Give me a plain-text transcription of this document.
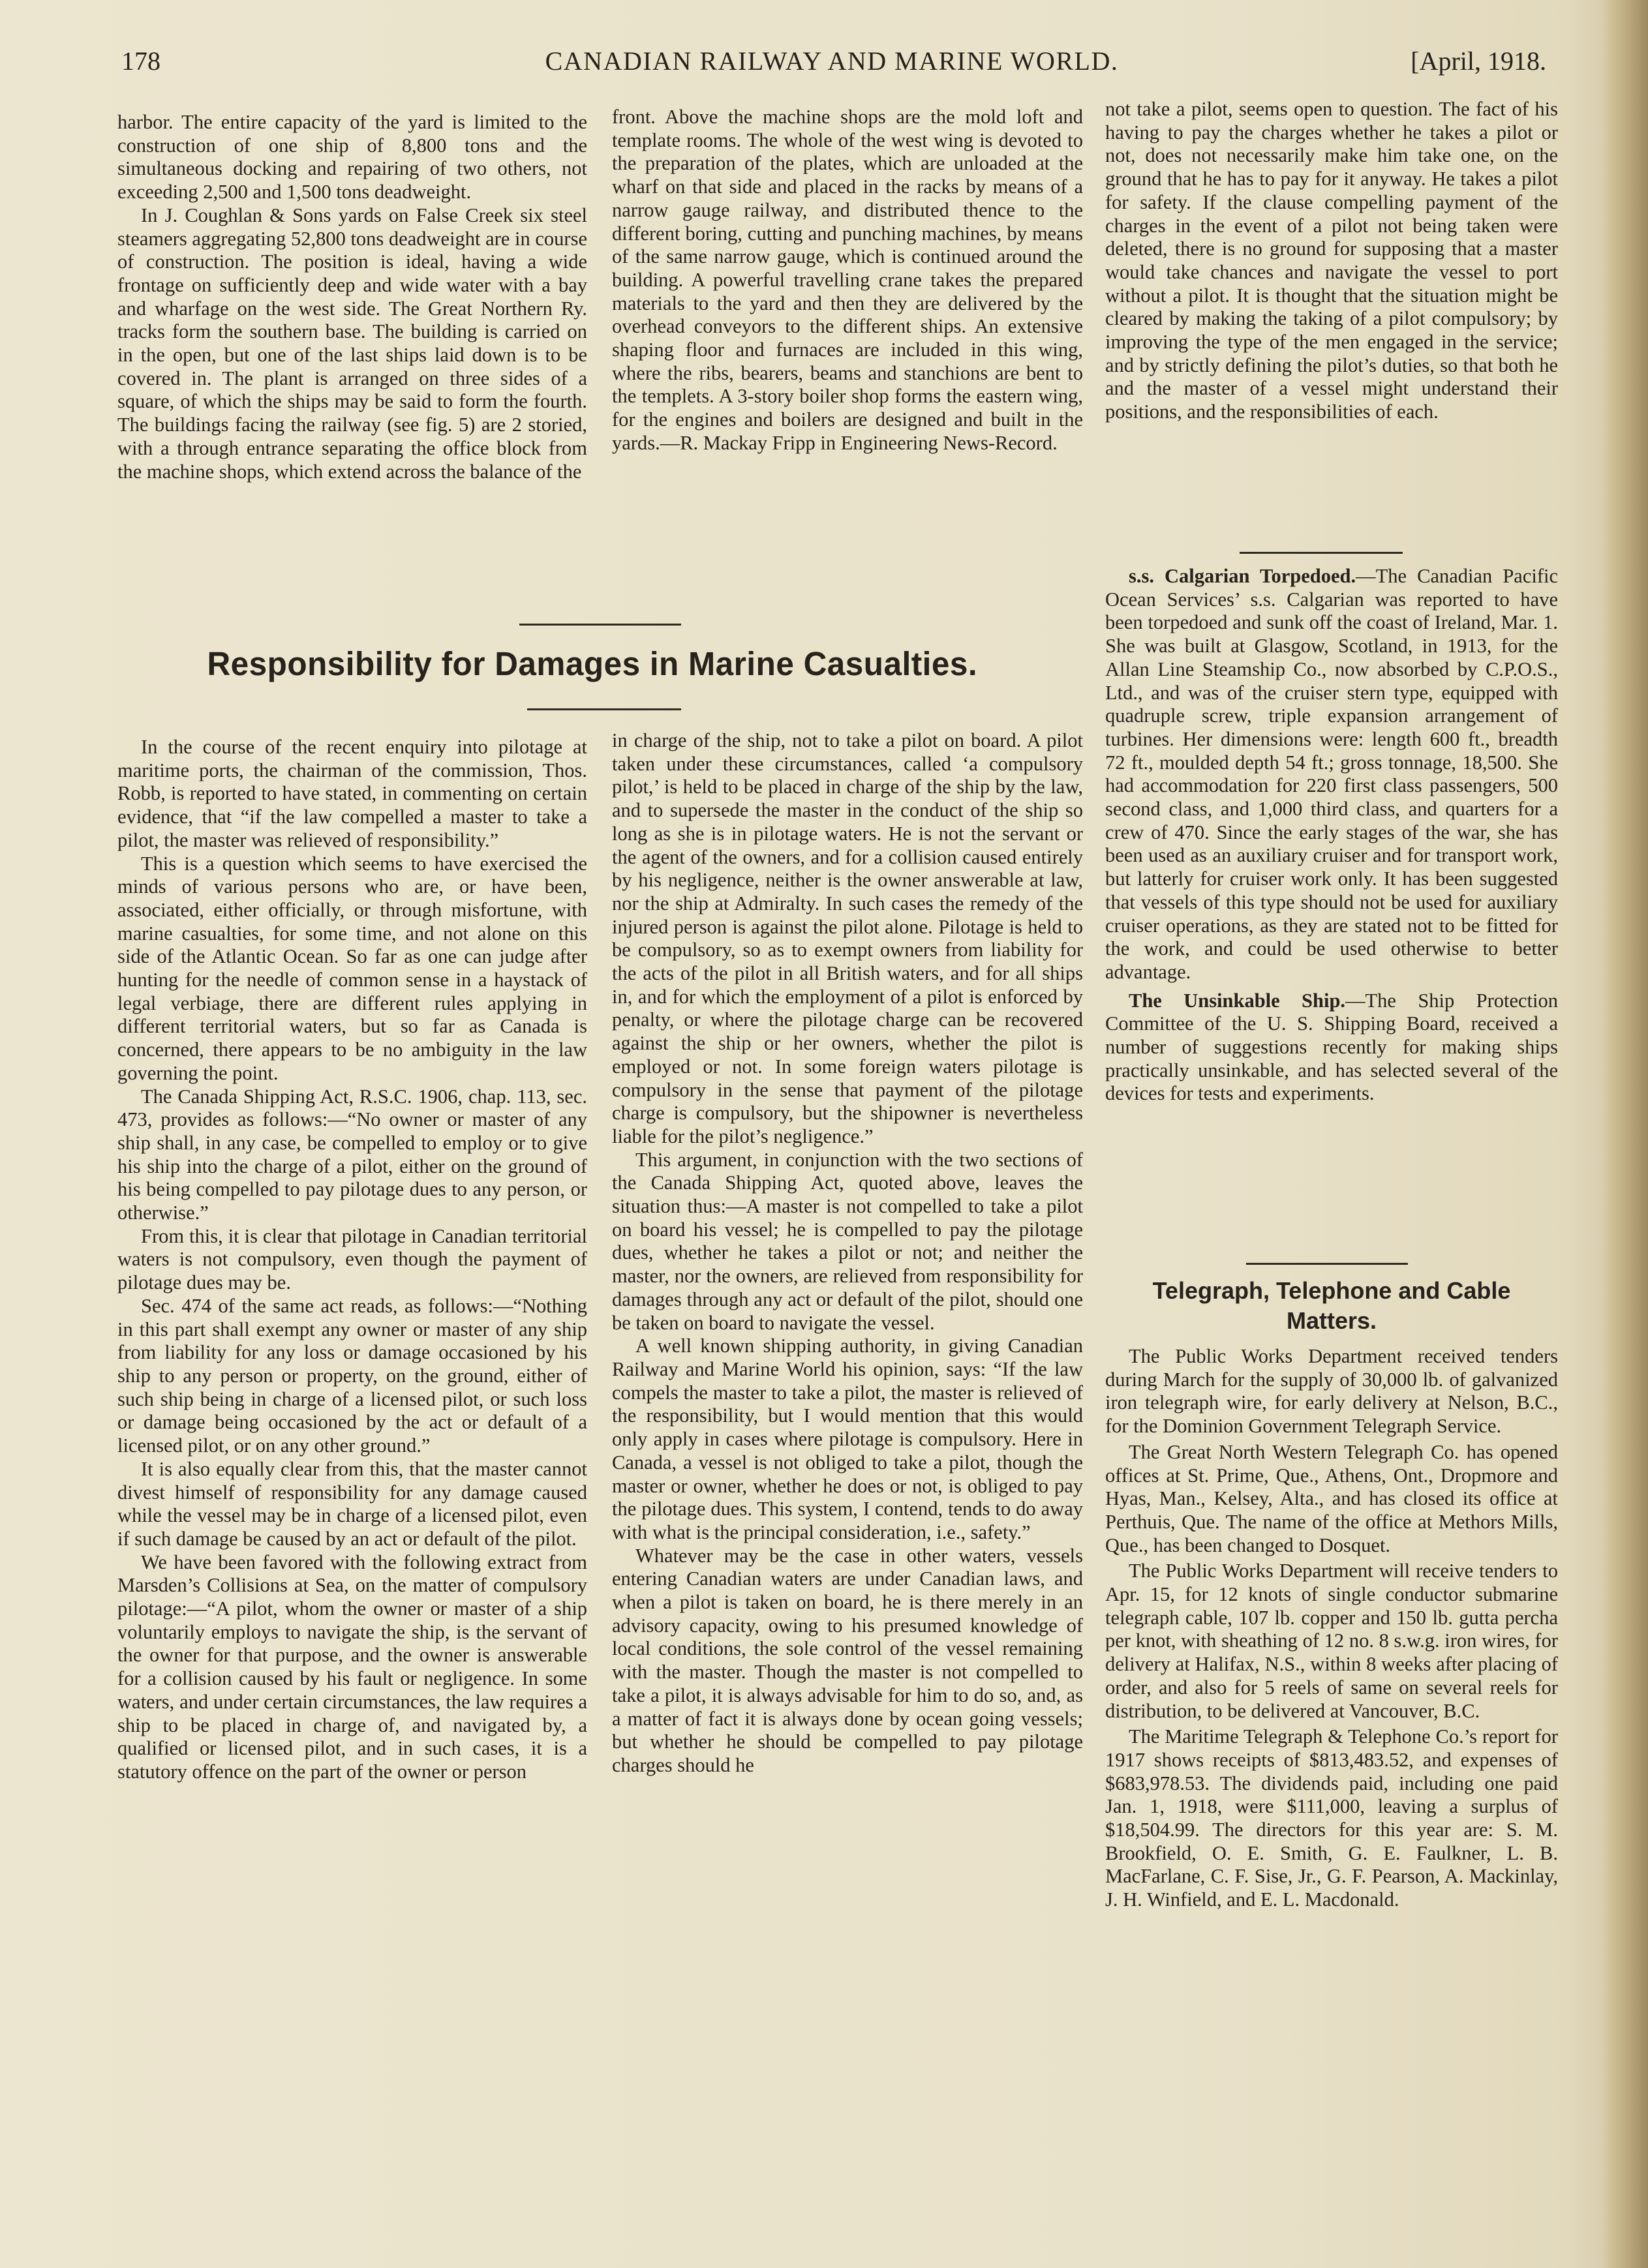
178	CANADIAN RAILWAY AND MARINE WORLD.	[April, 1918.

harbor. The entire capacity of the yard is limited to the construction of one ship of 8,800 tons and the simultaneous docking and repairing of two others, not exceeding 2,500 and 1,500 tons deadweight.

In J. Coughlan & Sons yards on False Creek six steel steamers aggregating 52,800 tons deadweight are in course of construction. The position is ideal, having a wide frontage on sufficiently deep and wide water with a bay and wharfage on the west side. The Great Northern Ry. tracks form the southern base. The building is carried on in the open, but one of the last ships laid down is to be covered in. The plant is arranged on three sides of a square, of which the ships may be said to form the fourth. The buildings facing the railway (see fig. 5) are 2 storied, with a through entrance separating the office block from the machine shops, which extend across the balance of the

front. Above the machine shops are the mold loft and template rooms. The whole of the west wing is devoted to the preparation of the plates, which are unloaded at the wharf on that side and placed in the racks by means of a narrow gauge railway, and distributed thence to the different boring, cutting and punching machines, by means of the same narrow gauge, which is continued around the building. A powerful travelling crane takes the prepared materials to the yard and then they are delivered by the overhead conveyors to the different ships. An extensive shaping floor and furnaces are included in this wing, where the ribs, bearers, beams and stanchions are bent to the templets. A 3-story boiler shop forms the eastern wing, for the engines and boilers are designed and built in the yards.—R. Mackay Fripp in Engineering News-Record.

Responsibility for Damages in Marine Casualties.

In the course of the recent enquiry into pilotage at maritime ports, the chairman of the commission, Thos. Robb, is reported to have stated, in commenting on certain evidence, that “if the law compelled a master to take a pilot, the master was relieved of responsibility.”

This is a question which seems to have exercised the minds of various persons who are, or have been, associated, either officially, or through misfortune, with marine casualties, for some time, and not alone on this side of the Atlantic Ocean. So far as one can judge after hunting for the needle of common sense in a haystack of legal verbiage, there are different rules applying in different territorial waters, but so far as Canada is concerned, there appears to be no ambiguity in the law governing the point.

The Canada Shipping Act, R.S.C. 1906, chap. 113, sec. 473, provides as follows:—“No owner or master of any ship shall, in any case, be compelled to employ or to give his ship into the charge of a pilot, either on the ground of his being compelled to pay pilotage dues to any person, or otherwise.”

From this, it is clear that pilotage in Canadian territorial waters is not compulsory, even though the payment of pilotage dues may be.

Sec. 474 of the same act reads, as follows:—“Nothing in this part shall exempt any owner or master of any ship from liability for any loss or damage occasioned by his ship to any person or property, on the ground, either of such ship being in charge of a licensed pilot, or such loss or damage being occasioned by the act or default of a licensed pilot, or on any other ground.”

It is also equally clear from this, that the master cannot divest himself of responsibility for any damage caused while the vessel may be in charge of a licensed pilot, even if such damage be caused by an act or default of the pilot.

We have been favored with the following extract from Marsden’s Collisions at Sea, on the matter of compulsory pilotage:—“A pilot, whom the owner or master of a ship voluntarily employs to navigate the ship, is the servant of the owner for that purpose, and the owner is answerable for a collision caused by his fault or negligence. In some waters, and under certain circumstances, the law requires a ship to be placed in charge of, and navigated by, a qualified or licensed pilot, and in such cases, it is a statutory offence on the part of the owner or person

in charge of the ship, not to take a pilot on board. A pilot taken under these circumstances, called ‘a compulsory pilot,’ is held to be placed in charge of the ship by the law, and to supersede the master in the conduct of the ship so long as she is in pilotage waters. He is not the servant or the agent of the owners, and for a collision caused entirely by his negligence, neither is the owner answerable at law, nor the ship at Admiralty. In such cases the remedy of the injured person is against the pilot alone. Pilotage is held to be compulsory, so as to exempt owners from liability for the acts of the pilot in all British waters, and for all ships in, and for which the employment of a pilot is enforced by penalty, or where the pilotage charge can be recovered against the ship or her owners, whether the pilot is employed or not. In some foreign waters pilotage is compulsory in the sense that payment of the pilotage charge is compulsory, but the shipowner is nevertheless liable for the pilot’s negligence.”

This argument, in conjunction with the two sections of the Canada Shipping Act, quoted above, leaves the situation thus:—A master is not compelled to take a pilot on board his vessel; he is compelled to pay the pilotage dues, whether he takes a pilot or not; and neither the master, nor the owners, are relieved from responsibility for damages through any act or default of the pilot, should one be taken on board to navigate the vessel.

A well known shipping authority, in giving Canadian Railway and Marine World his opinion, says: “If the law compels the master to take a pilot, the master is relieved of the responsibility, but I would mention that this would only apply in cases where pilotage is compulsory. Here in Canada, a vessel is not obliged to take a pilot, though the master or owner, whether he does or not, is obliged to pay the pilotage dues. This system, I contend, tends to do away with what is the principal consideration, i.e., safety.”

Whatever may be the case in other waters, vessels entering Canadian waters are under Canadian laws, and when a pilot is taken on board, he is there merely in an advisory capacity, owing to his presumed knowledge of local conditions, the sole control of the vessel remaining with the master. Though the master is not compelled to take a pilot, it is always advisable for him to do so, and, as a matter of fact it is always done by ocean going vessels; but whether he should be compelled to pay pilotage charges should he

not take a pilot, seems open to question. The fact of his having to pay the charges whether he takes a pilot or not, does not necessarily make him take one, on the ground that he has to pay for it anyway. He takes a pilot for safety. If the clause compelling payment of the charges in the event of a pilot not being taken were deleted, there is no ground for supposing that a master would take chances and navigate the vessel to port without a pilot. It is thought that the situation might be cleared by making the taking of a pilot compulsory; by improving the type of the men engaged in the service; and by strictly defining the pilot’s duties, so that both he and the master of a vessel might understand their positions, and the responsibilities of each.

s.s. Calgarian Torpedoed.—The Canadian Pacific Ocean Services’ s.s. Calgarian was reported to have been torpedoed and sunk off the coast of Ireland, Mar. 1. She was built at Glasgow, Scotland, in 1913, for the Allan Line Steamship Co., now absorbed by C.P.O.S., Ltd., and was of the cruiser stern type, equipped with quadruple screw, triple expansion arrangement of turbines. Her dimensions were: length 600 ft., breadth 72 ft., moulded depth 54 ft.; gross tonnage, 18,500. She had accommodation for 220 first class passengers, 500 second class, and 1,000 third class, and quarters for a crew of 470. Since the early stages of the war, she has been used as an auxiliary cruiser and for transport work, but latterly for cruiser work only. It has been suggested that vessels of this type should not be used for auxiliary cruiser operations, as they are stated not to be fitted for the work, and could be used otherwise to better advantage.

The Unsinkable Ship.—The Ship Protection Committee of the U. S. Shipping Board, received a number of suggestions recently for making ships practically unsinkable, and has selected several of the devices for tests and experiments.

Telegraph, Telephone and Cable Matters.

The Public Works Department received tenders during March for the supply of 30,000 lb. of galvanized iron telegraph wire, for early delivery at Nelson, B.C., for the Dominion Government Telegraph Service.

The Great North Western Telegraph Co. has opened offices at St. Prime, Que., Athens, Ont., Dropmore and Hyas, Man., Kelsey, Alta., and has closed its office at Perthuis, Que. The name of the office at Methors Mills, Que., has been changed to Dosquet.

The Public Works Department will receive tenders to Apr. 15, for 12 knots of single conductor submarine telegraph cable, 107 lb. copper and 150 lb. gutta percha per knot, with sheathing of 12 no. 8 s.w.g. iron wires, for delivery at Halifax, N.S., within 8 weeks after placing of order, and also for 5 reels of same on several reels for distribution, to be delivered at Vancouver, B.C.

The Maritime Telegraph & Telephone Co.’s report for 1917 shows receipts of $813,483.52, and expenses of $683,978.53. The dividends paid, including one paid Jan. 1, 1918, were $111,000, leaving a surplus of $18,504.99. The directors for this year are: S. M. Brookfield, O. E. Smith, G. E. Faulkner, L. B. MacFarlane, C. F. Sise, Jr., G. F. Pearson, A. Mackinlay, J. H. Winfield, and E. L. Macdonald.
